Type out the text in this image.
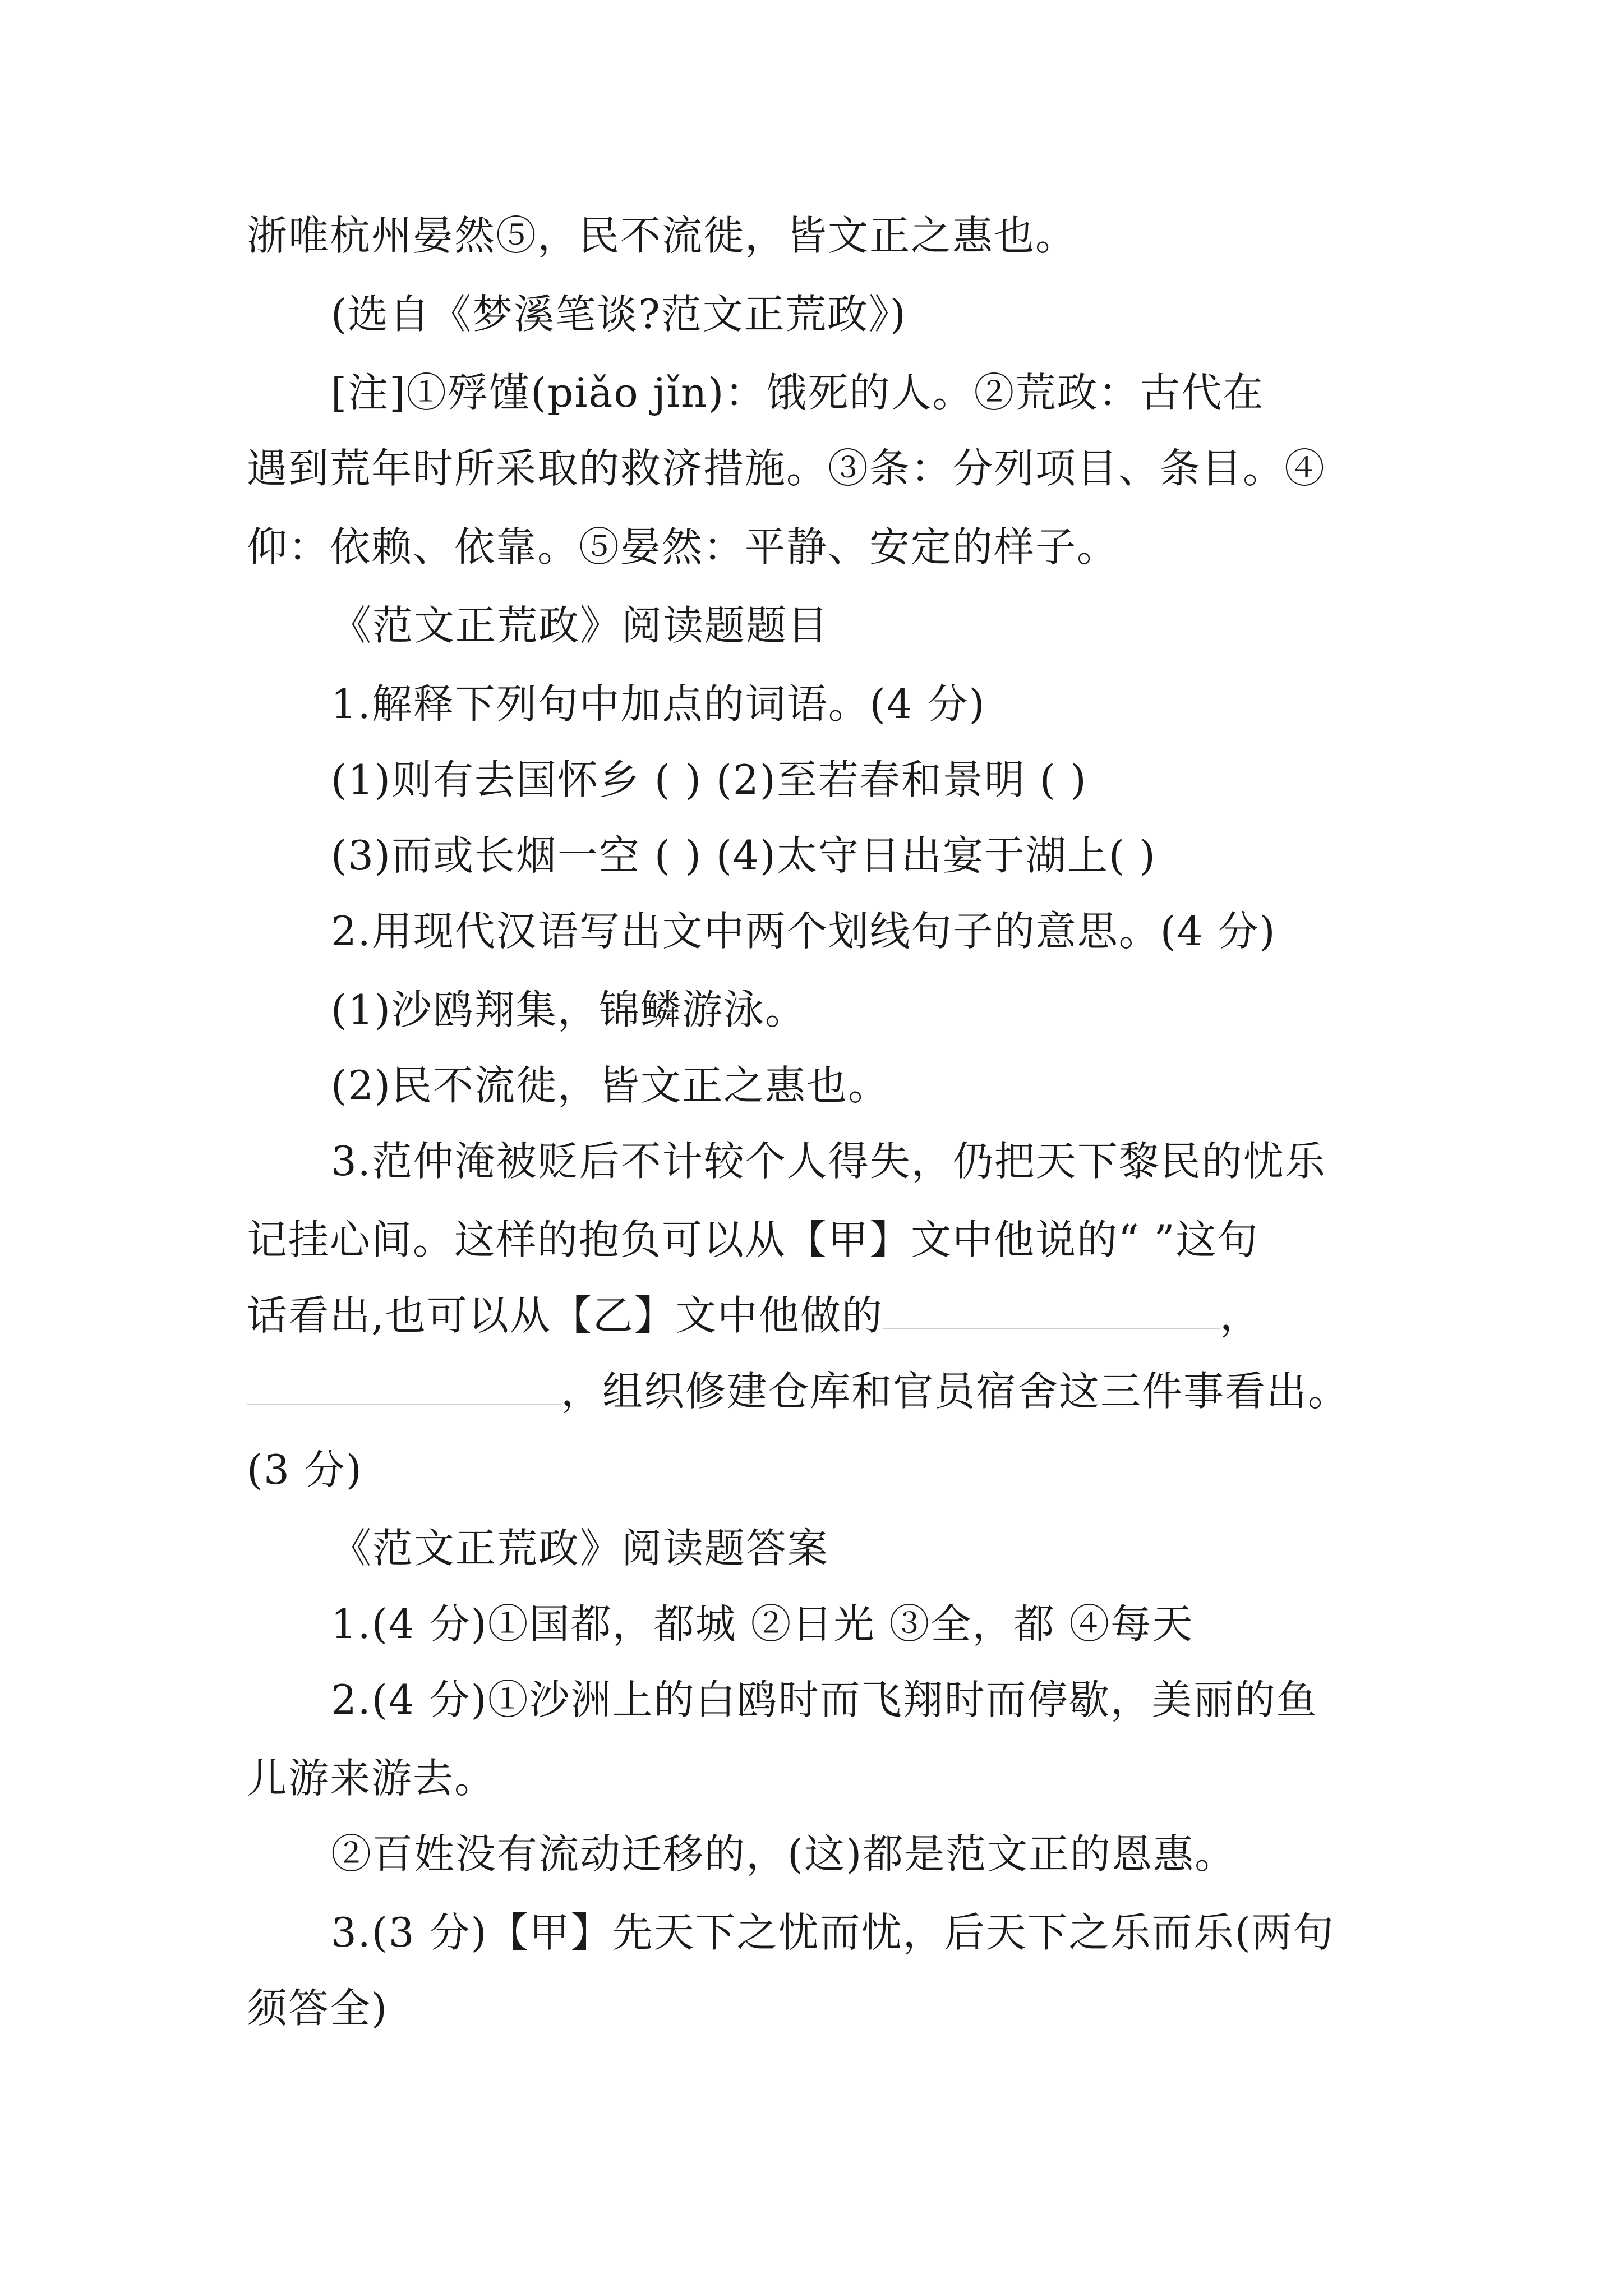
浙唯杭州晏然⑤，民不流徙，皆文正之惠也。
(选自《梦溪笔谈?范文正荒政》)
[注]①殍馑(piǎo jǐn)：饿死的人。②荒政：古代在
遇到荒年时所采取的救济措施。③条：分列项目、条目。④
仰：依赖、依靠。⑤晏然：平静、安定的样子。
《范文正荒政》阅读题题目
1.解释下列句中加点的词语。(4 分)
(1)则有去国怀乡 ( ) (2)至若春和景明 ( )
(3)而或长烟一空 ( ) (4)太守日出宴于湖上( )
2.用现代汉语写出文中两个划线句子的意思。(4 分)
(1)沙鸥翔集，锦鳞游泳。
(2)民不流徙，皆文正之惠也。
3.范仲淹被贬后不计较个人得失，仍把天下黎民的忧乐
记挂心间。这样的抱负可以从【甲】文中他说的“ ”这句
话看出,也可以从【乙】文中他做的	，
，组织修建仓库和官员宿舍这三件事看出。
(3 分)
《范文正荒政》阅读题答案
1.(4 分)①国都，都城 ②日光 ③全，都 ④每天
2.(4 分)①沙洲上的白鸥时而飞翔时而停歇，美丽的鱼
儿游来游去。
②百姓没有流动迁移的，(这)都是范文正的恩惠。
3.(3 分)【甲】先天下之忧而忧，后天下之乐而乐(两句
须答全)
